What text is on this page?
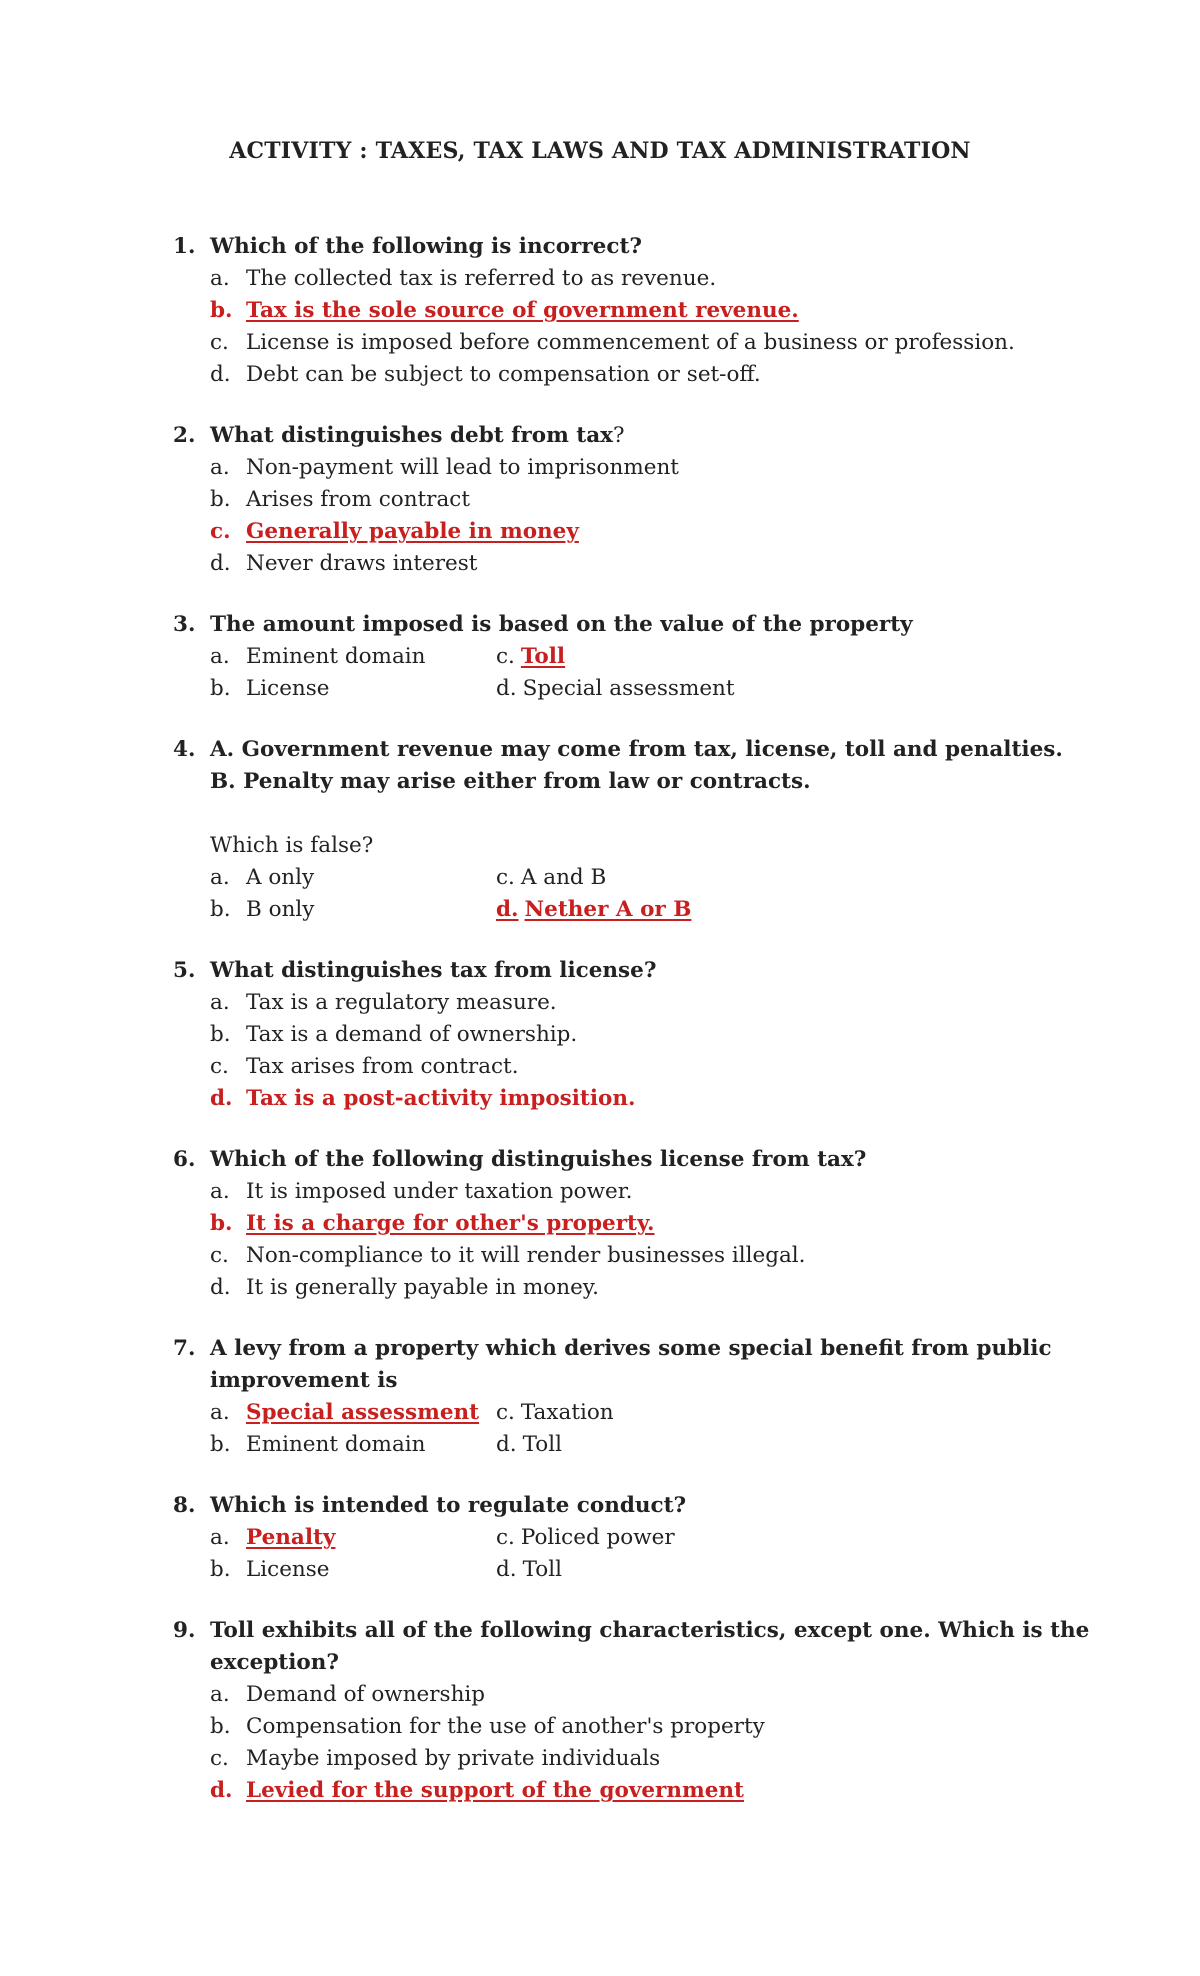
ACTIVITY : TAXES, TAX LAWS AND TAX ADMINISTRATION
1. Which of the following is incorrect?
a. The collected tax is referred to as revenue.
b. Tax is the sole source of government revenue.
c. License is imposed before commencement of a business or profession.
d. Debt can be subject to compensation or set-off.
2. What distinguishes debt from tax?
a. Non-payment will lead to imprisonment
b. Arises from contract
c. Generally payable in money
d. Never draws interest
3. The amount imposed is based on the value of the property
a. Eminent domain	c. Toll
b. License	d. Special assessment
4. A. Government revenue may come from tax, license, toll and penalties.
B. Penalty may arise either from law or contracts.
Which is false?
a. A only	c. A and B
b. B only	d. Nether A or B
5. What distinguishes tax from license?
a. Tax is a regulatory measure.
b. Tax is a demand of ownership.
c. Tax arises from contract.
d. Tax is a post-activity imposition.
6. Which of the following distinguishes license from tax?
a. It is imposed under taxation power.
b. It is a charge for other's property.
c. Non-compliance to it will render businesses illegal.
d. It is generally payable in money.
7. A levy from a property which derives some special benefit from public
improvement is
a. Special assessment c. Taxation
b. Eminent domain	d. Toll
8. Which is intended to regulate conduct?
a. Penalty	c. Policed power
b. License	d. Toll
9. Toll exhibits all of the following characteristics, except one. Which is the
exception?
a. Demand of ownership
b. Compensation for the use of another's property
c. Maybe imposed by private individuals
d. Levied for the support of the government
